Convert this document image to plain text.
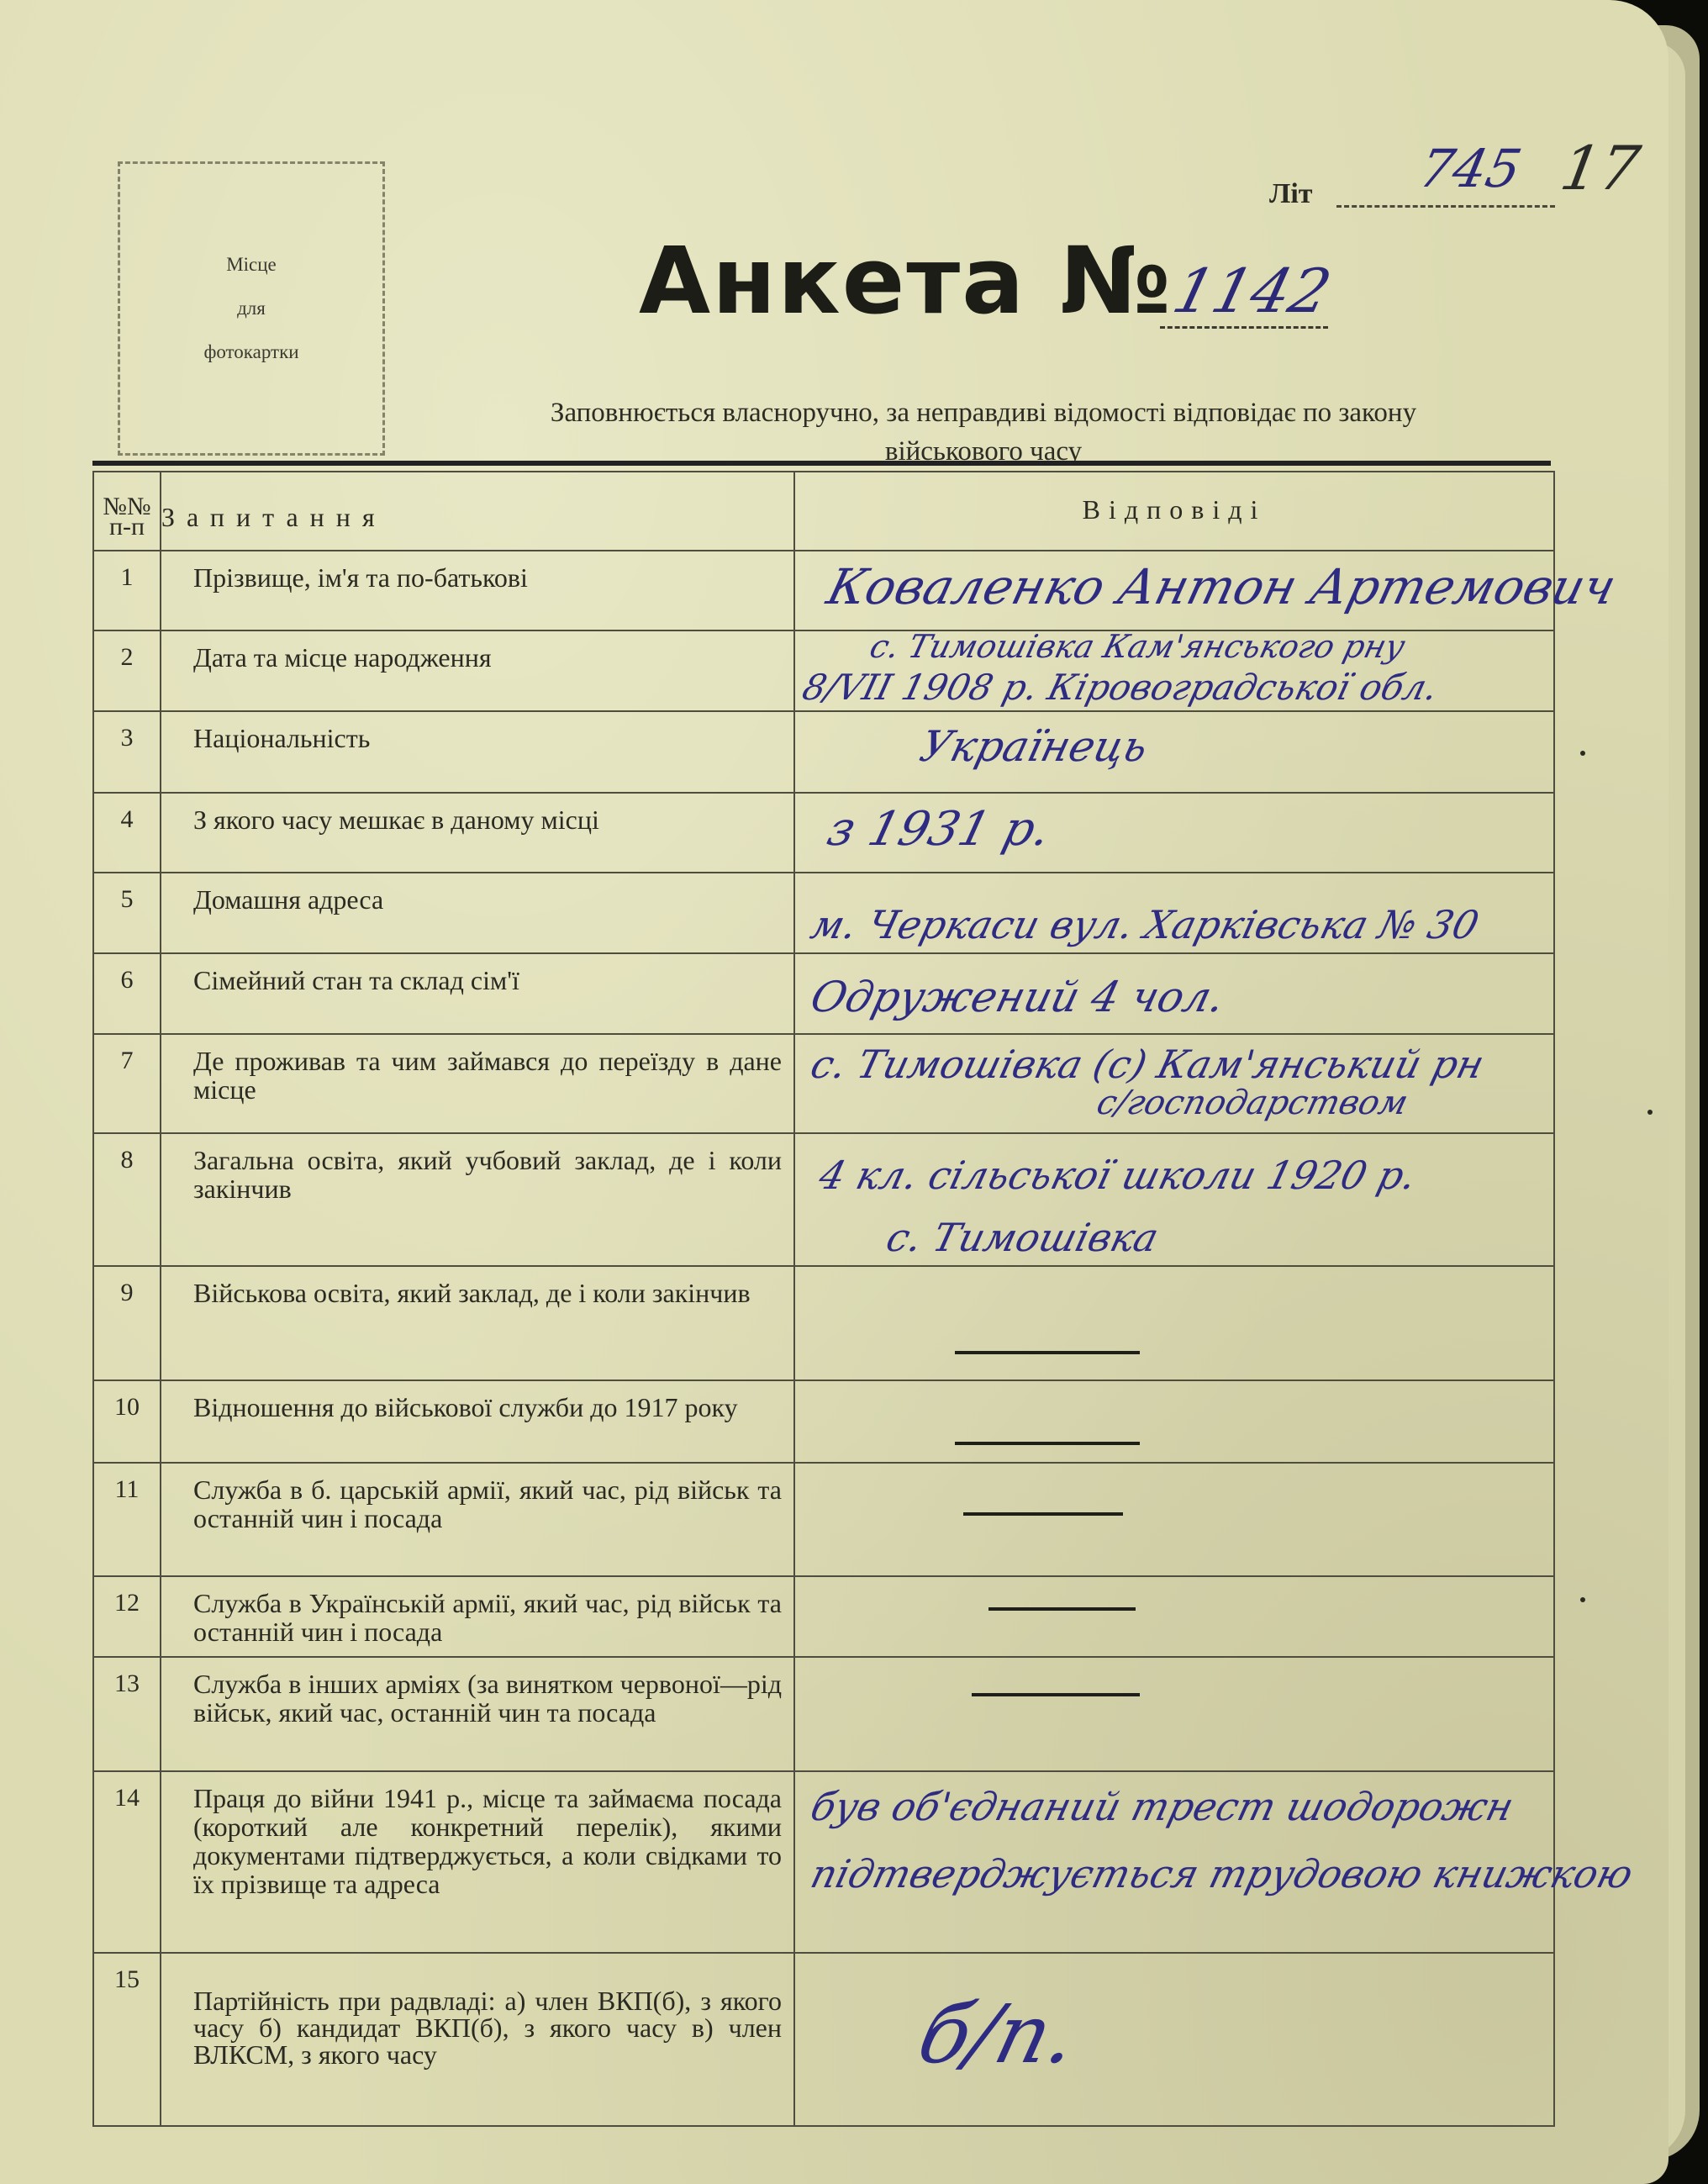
Місце
для
фотокартки
Літ 745 17
Анкета №
1142
Заповнюється власноручно, за неправдиві відомості відповідає по закону
військового часу
№№ п-п	Запитання	Відповіді
1	Прізвище, ім'я та по-батькові	Коваленко Антон Артемович

2	Дата та місце народження	с. Тимошівка Кам'янського рну
8/VII 1908 р. Кіровоградської обл.

3	Національність	Українець

4	З якого часу мешкає в даному місці	з 1931 р.

5	Домашня адреса	м. Черкаси вул. Харківська № 30

6	Сімейний стан та склад сім'ї	Одружений 4 чол.

7	Де проживав та чим займався до переїзду в дане місце	с. Тимошівка (с) Кам'янський рн
с/господарством

8	Загальна освіта, який учбовий заклад, де і коли закінчив	4 кл. сільської школи 1920 р.
с. Тимошівка

9	Військова освіта, який заклад, де і коли закінчив	

10	Відношення до військової служби до 1917 року	

11	Служба в б. царській армії, який час, рід військ та останній чин і посада	

12	Служба в Українській армії, який час, рід військ та останній чин і посада	

13	Служба в інших арміях (за винятком червоної—рід військ, який час, останній чин та посада	

14	Праця до війни 1941 р., місце та займаєма посада (короткий але конкретний перелік), якими документами підтверджується, а коли свідками то їх прізвище та адреса	був об'єднаний трест шодорожн
підтверджується трудовою книжкою

15	Партійність при радвладі: а) член ВКП(б), з якого часу б) кандидат ВКП(б), з якого часу в) член ВЛКСМ, з якого часу	б/п.
